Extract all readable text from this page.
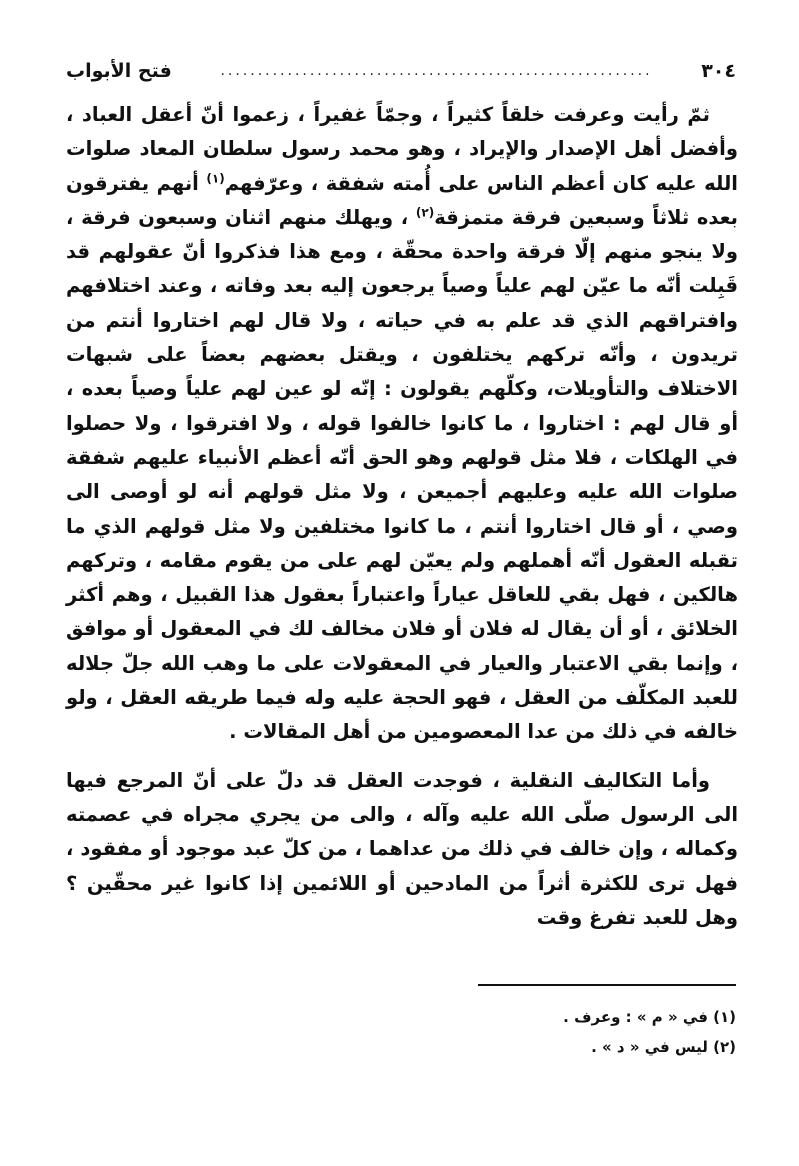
٣٠٤
..........................................................
فتح الأبواب

ثمّ رأيت وعرفت خلقاً كثيراً ، وجمّاً غفيراً ، زعموا أنّ أعقل العباد ، وأفضل أهل الإصدار والإيراد ، وهو محمد رسول سلطان المعاد صلوات الله عليه كان أعظم الناس على أُمته شفقة ، وعرّفهم$^{(١)}$ أنهم يفترقون بعده ثلاثاً وسبعين فرقة متمزقة$^{(٢)}$ ، ويهلك منهم اثنان وسبعون فرقة ، ولا ينجو منهم إلّا فرقة واحدة محقّة ، ومع هذا فذكروا أنّ عقولهم قد قَبِلت أنّه ما عيّن لهم علياً وصياً يرجعون إليه بعد وفاته ، وعند اختلافهم وافتراقهم الذي قد علم به في حياته ، ولا قال لهم اختاروا أنتم من تريدون ، وأنّه تركهم يختلفون ، ويقتل بعضهم بعضاً على شبهات الاختلاف والتأويلات، وكلّهم يقولون : إنّه لو عين لهم علياً وصياً بعده ، أو قال لهم : اختاروا ، ما كانوا خالفوا قوله ، ولا افترقوا ، ولا حصلوا في الهلكات ، فلا مثل قولهم وهو الحق أنّه أعظم الأنبياء عليهم شفقة صلوات الله عليه وعليهم أجميعن ، ولا مثل قولهم أنه لو أوصى الى وصي ، أو قال اختاروا أنتم ، ما كانوا مختلفين ولا مثل قولهم الذي ما تقبله العقول أنّه أهملهم ولم يعيّن لهم على من يقوم مقامه ، وتركهم هالكين ، فهل بقي للعاقل عياراً واعتباراً بعقول هذا القبيل ، وهم أكثر الخلائق ، أو أن يقال له فلان أو فلان مخالف لك في المعقول أو موافق ، وإنما بقي الاعتبار والعيار في المعقولات على ما وهب الله جلّ جلاله للعبد المكلّف من العقل ، فهو الحجة عليه وله فيما طريقه العقل ، ولو خالفه في ذلك من عدا المعصومين من أهل المقالات .

وأما التكاليف النقلية ، فوجدت العقل قد دلّ على أنّ المرجع فيها الى الرسول صلّى الله عليه وآله ، والى من يجري مجراه في عصمته وكماله ، وإن خالف في ذلك من عداهما ، من كلّ عبد موجود أو مفقود ، فهل ترى للكثرة أثراً من المادحين أو اللائمين إذا كانوا غير محقّين ؟ وهل للعبد تفرغ وقت

(١) في « م » : وعرف .
(٢) ليس في « د » .
